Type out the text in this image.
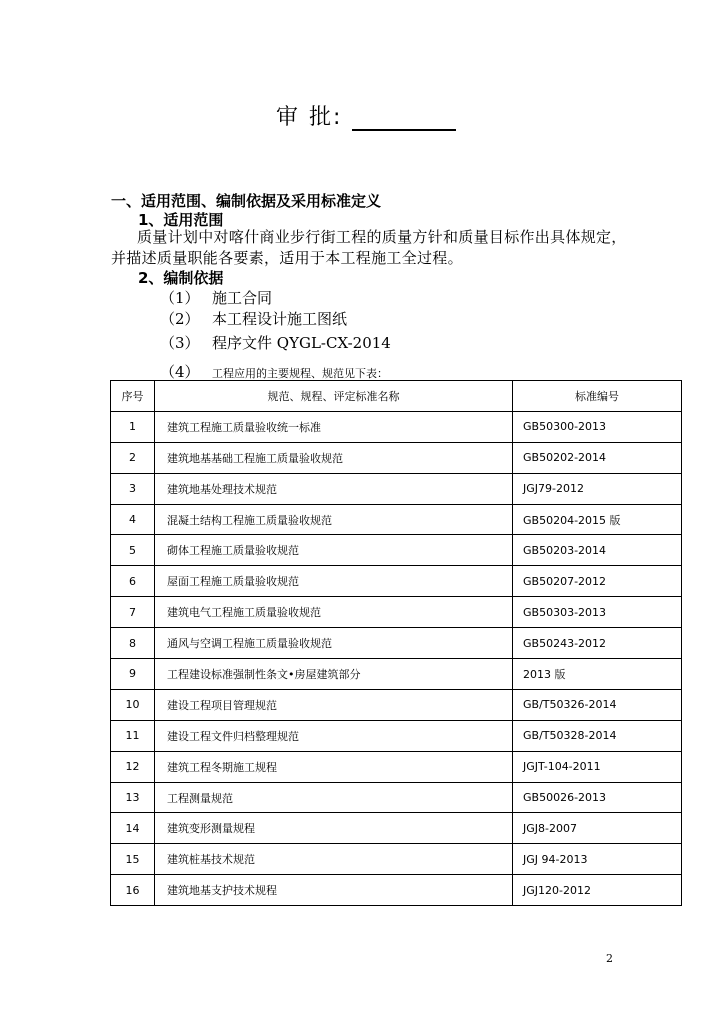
审 批:
一、适用范围、编制依据及采用标准定义
1、适用范围
质量计划中对喀什商业步行街工程的质量方针和质量目标作出具体规定，并描述质量职能各要素，适用于本工程施工全过程。
2、编制依据
（1） 施工合同
（2） 本工程设计施工图纸
（3） 程序文件 QYGL-CX-2014
（4） 工程应用的主要规程、规范见下表：
序号	规范、规程、评定标准名称	标准编号
1	建筑工程施工质量验收统一标准	GB50300-2013
2	建筑地基基础工程施工质量验收规范	GB50202-2014
3	建筑地基处理技术规范	JGJ79-2012
4	混凝土结构工程施工质量验收规范	GB50204-2015 版
5	砌体工程施工质量验收规范	GB50203-2014
6	屋面工程施工质量验收规范	GB50207-2012
7	建筑电气工程施工质量验收规范	GB50303-2013
8	通风与空调工程施工质量验收规范	GB50243-2012
9	工程建设标准强制性条文•房屋建筑部分	2013 版
10	建设工程项目管理规范	GB/T50326-2014
11	建设工程文件归档整理规范	GB/T50328-2014
12	建筑工程冬期施工规程	JGJT-104-2011
13	工程测量规范	GB50026-2013
14	建筑变形测量规程	JGJ8-2007
15	建筑桩基技术规范	JGJ 94-2013
16	建筑地基支护技术规程	JGJ120-2012
2
